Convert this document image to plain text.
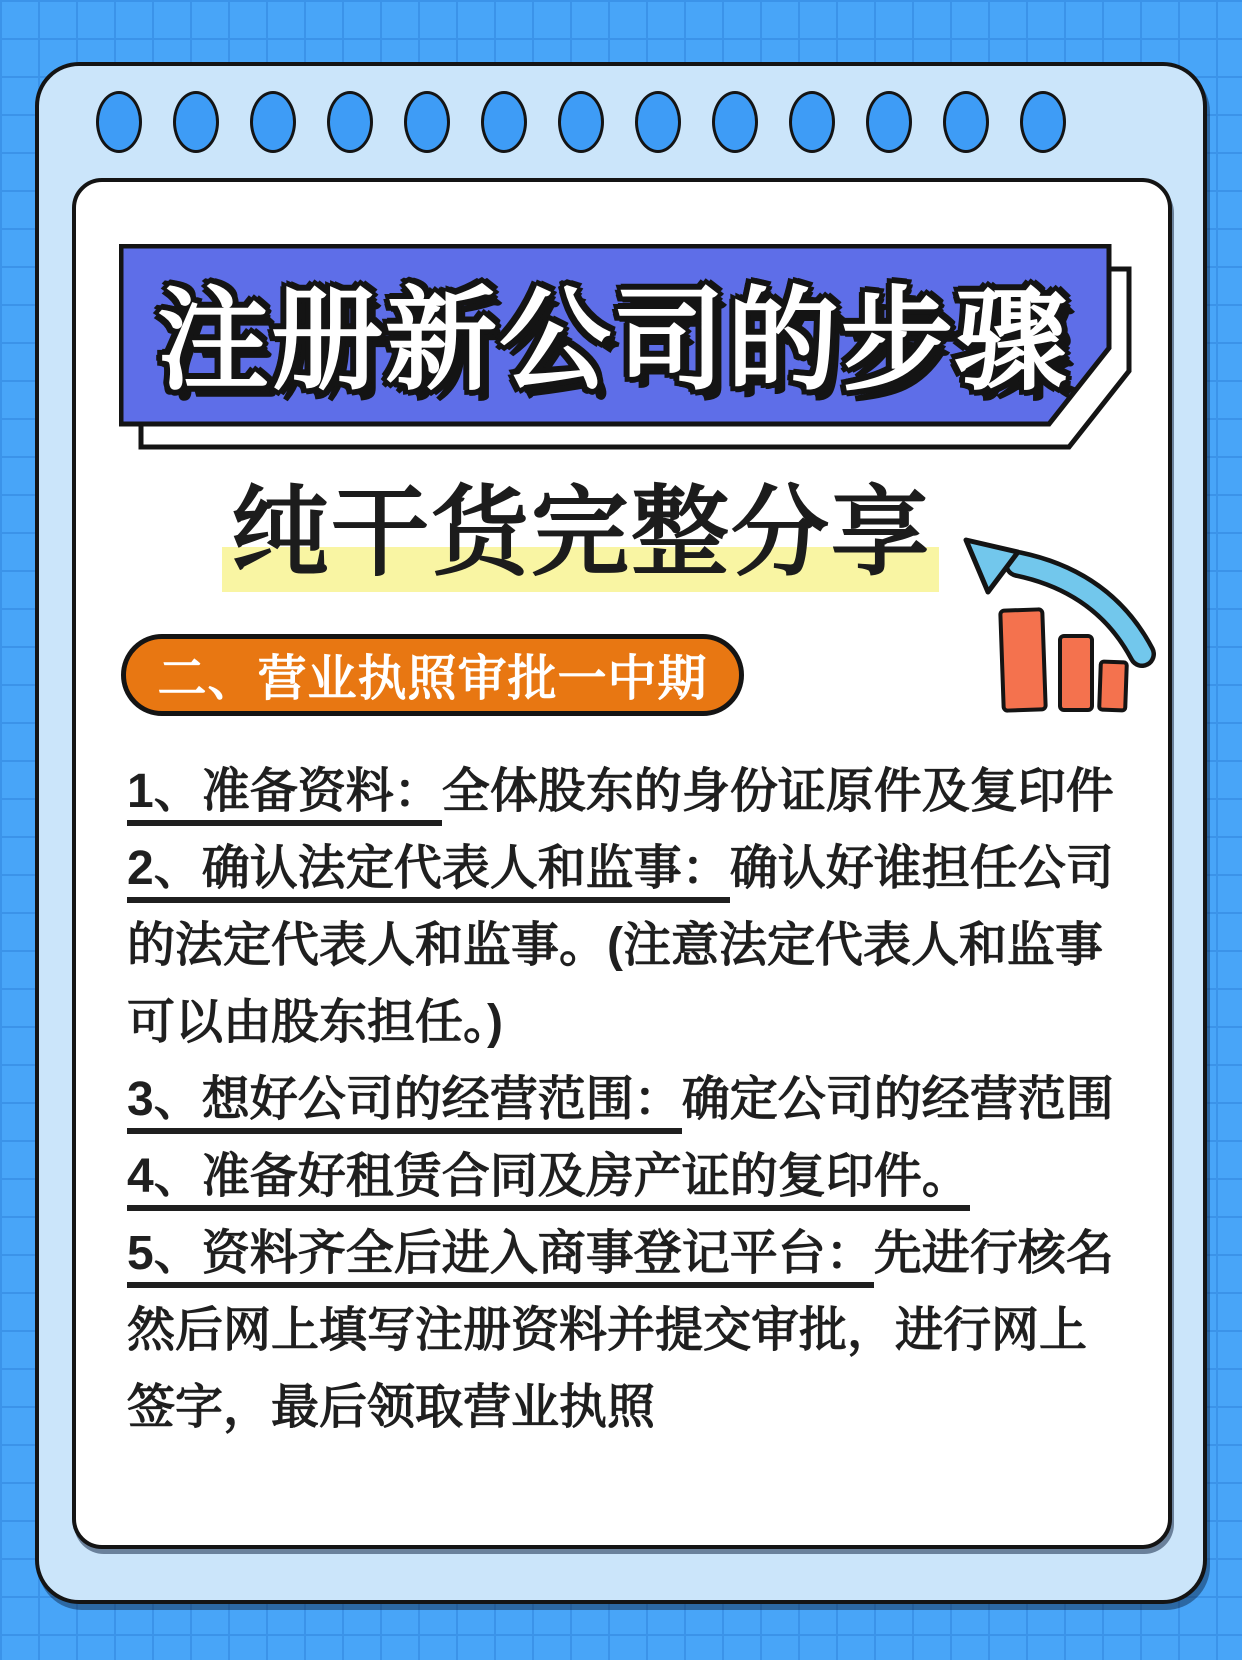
注册新公司的步骤
纯干货完整分享
二、营业执照审批一中期
1、准备资料：全体股东的身份证原件及复印件
2、确认法定代表人和监事：确认好谁担任公司
的法定代表人和监事。(注意法定代表人和监事
可以由股东担任。)
3、想好公司的经营范围：确定公司的经营范围
4、准备好租赁合同及房产证的复印件。
5、资料齐全后进入商事登记平台：先进行核名
然后网上填写注册资料并提交审批，进行网上
签字，最后领取营业执照
